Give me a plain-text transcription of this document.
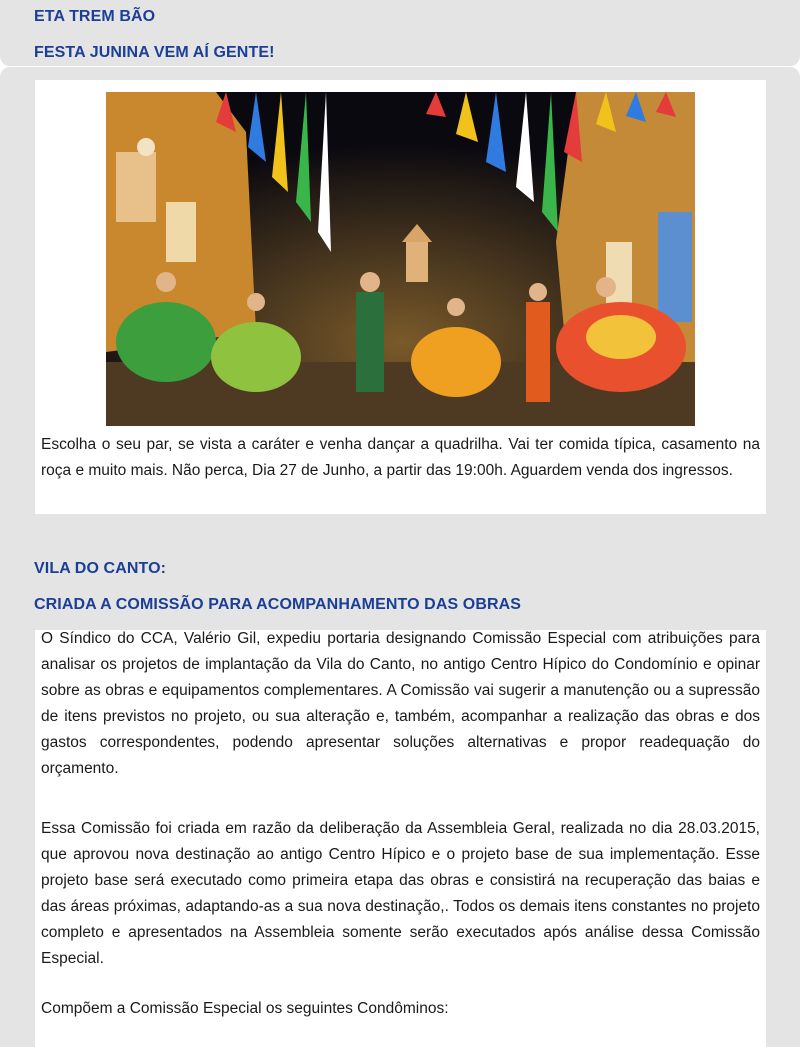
ETA TREM BÃO
FESTA JUNINA VEM AÍ GENTE!

Escolha o seu par, se vista a caráter e venha dançar a quadrilha. Vai ter comida típica, casamento na roça e muito mais. Não perca, Dia 27 de Junho, a partir das 19:00h. Aguardem venda dos ingressos.

VILA DO CANTO:
CRIADA A COMISSÃO PARA ACOMPANHAMENTO DAS OBRAS

O Síndico do CCA, Valério Gil, expediu portaria designando Comissão Especial com atribuições para analisar os projetos de implantação da Vila do Canto, no antigo Centro Hípico do Condomínio e opinar sobre as obras e equipamentos complementares. A Comissão vai sugerir a manutenção ou a supressão de itens previstos no projeto, ou sua alteração e, também, acompanhar a realização das obras e dos gastos correspondentes, podendo apresentar soluções alternativas e propor readequação do orçamento.

Essa Comissão foi criada em razão da deliberação da Assembleia Geral, realizada no dia 28.03.2015, que aprovou nova destinação ao antigo Centro Hípico e o projeto base de sua implementação. Esse projeto base será executado como primeira etapa das obras e consistirá na recuperação das baias e das áreas próximas, adaptando-as a sua nova destinação,. Todos os demais itens constantes no projeto completo e apresentados na Assembleia somente serão executados após análise dessa Comissão Especial.

Compõem a Comissão Especial os seguintes Condôminos:
